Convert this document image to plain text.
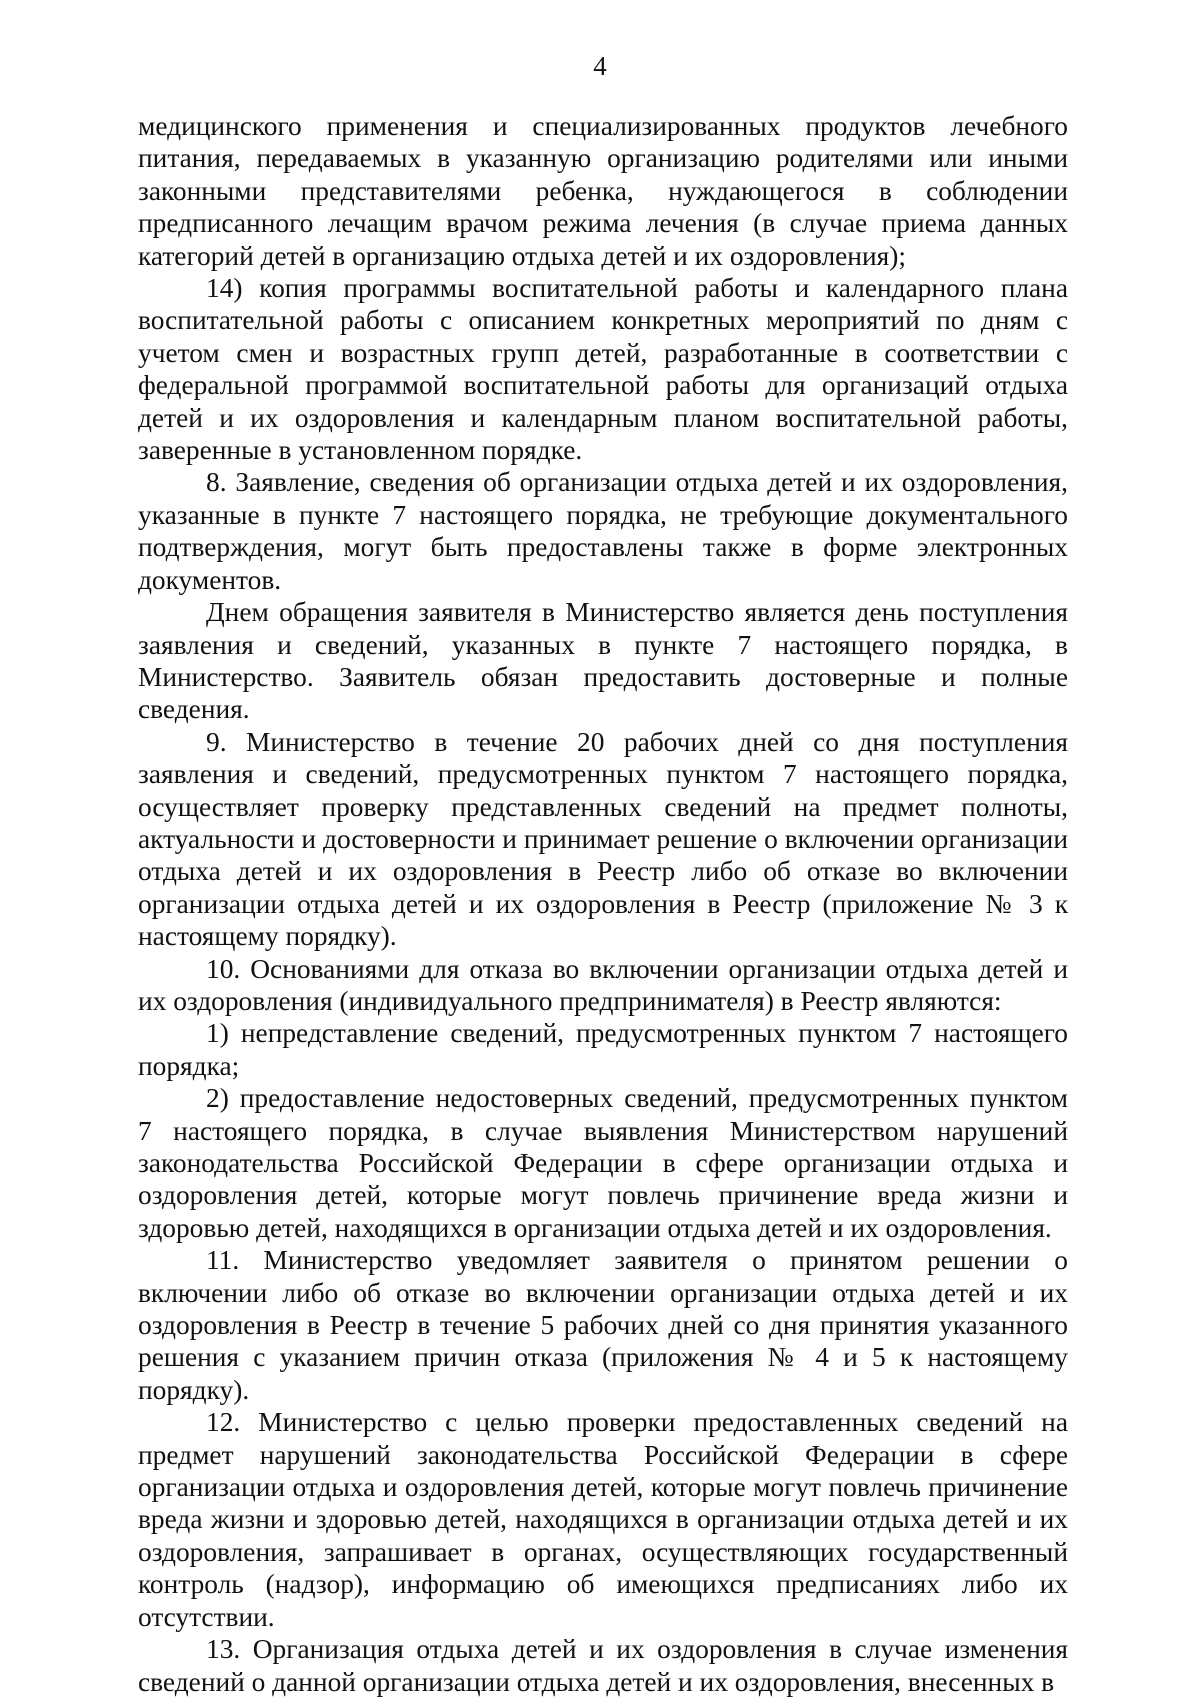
4

медицинского применения и специализированных продуктов лечебного питания, передаваемых в указанную организацию родителями или иными законными представителями ребенка, нуждающегося в соблюдении предписанного лечащим врачом режима лечения (в случае приема данных категорий детей в организацию отдыха детей и их оздоровления);

14) копия программы воспитательной работы и календарного плана воспитательной работы с описанием конкретных мероприятий по дням с учетом смен и возрастных групп детей, разработанные в соответствии с федеральной программой воспитательной работы для организаций отдыха детей и их оздоровления и календарным планом воспитательной работы, заверенные в установленном порядке.

8. Заявление, сведения об организации отдыха детей и их оздоровления, указанные в пункте 7 настоящего порядка, не требующие документального подтверждения, могут быть предоставлены также в форме электронных документов.

Днем обращения заявителя в Министерство является день поступления заявления и сведений, указанных в пункте 7 настоящего порядка, в Министерство. Заявитель обязан предоставить достоверные и полные сведения.

9. Министерство в течение 20 рабочих дней со дня поступления заявления и сведений, предусмотренных пунктом 7 настоящего порядка, осуществляет проверку представленных сведений на предмет полноты, актуальности и достоверности и принимает решение о включении организации отдыха детей и их оздоровления в Реестр либо об отказе во включении организации отдыха детей и их оздоровления в Реестр (приложение № 3 к настоящему порядку).

10. Основаниями для отказа во включении организации отдыха детей и их оздоровления (индивидуального предпринимателя) в Реестр являются:

1) непредставление сведений, предусмотренных пунктом 7 настоящего порядка;

2) предоставление недостоверных сведений, предусмотренных пунктом 7 настоящего порядка, в случае выявления Министерством нарушений законодательства Российской Федерации в сфере организации отдыха и оздоровления детей, которые могут повлечь причинение вреда жизни и здоровью детей, находящихся в организации отдыха детей и их оздоровления.

11. Министерство уведомляет заявителя о принятом решении о включении либо об отказе во включении организации отдыха детей и их оздоровления в Реестр в течение 5 рабочих дней со дня принятия указанного решения с указанием причин отказа (приложения № 4 и 5 к настоящему порядку).

12. Министерство с целью проверки предоставленных сведений на предмет нарушений законодательства Российской Федерации в сфере организации отдыха и оздоровления детей, которые могут повлечь причинение вреда жизни и здоровью детей, находящихся в организации отдыха детей и их оздоровления, запрашивает в органах, осуществляющих государственный контроль (надзор), информацию об имеющихся предписаниях либо их отсутствии.

13. Организация отдыха детей и их оздоровления в случае изменения сведений о данной организации отдыха детей и их оздоровления, внесенных в
